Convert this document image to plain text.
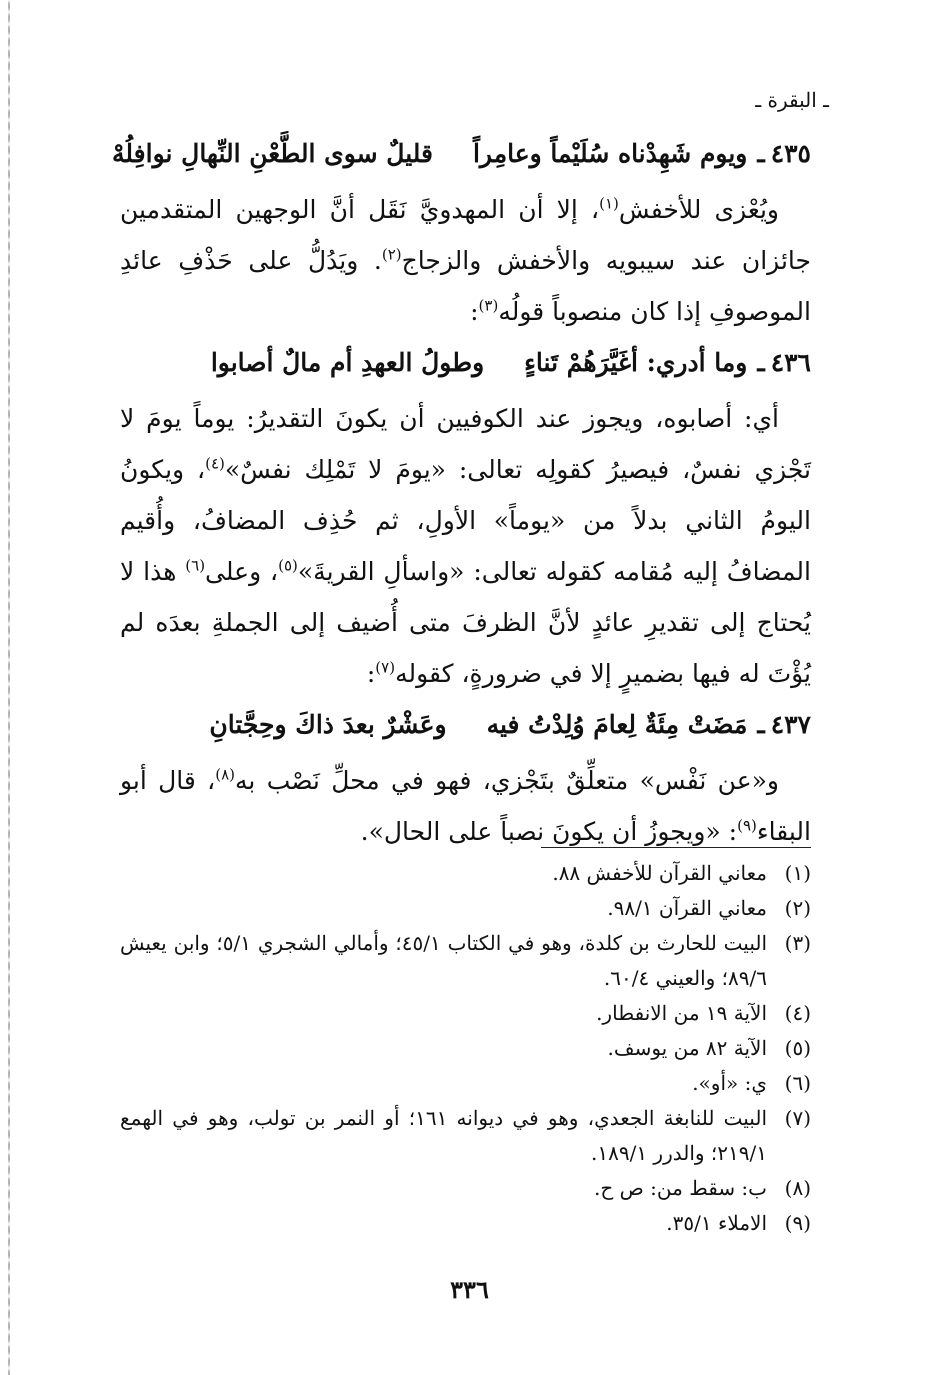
ـ البقرة ـ
٤٣٥
ـ
ويوم شَهِدْناه سُلَيْماً وعامِراً
قليلٌ سوى الطَّعْنِ النِّهالِ نوافِلُهْ

ويُعْزى للأخفش$^{(١)}$، إلا أن المهدويَّ نَقَل أنَّ الوجهين المتقدمين جائزان عند سيبويه والأخفش والزجاج$^{(٢)}$. ويَدُلُّ على حَذْفِ عائدِ الموصوفِ إذا كان منصوباً قولُه$^{(٣)}$:

٤٣٦
ـ
وما أدري: أغَيَّرَهُمْ تَناءٍ
وطولُ العهدِ أم مالٌ أصابوا

أي: أصابوه، ويجوز عند الكوفيين أن يكونَ التقديرُ: يوماً يومَ لا تَجْزي نفسٌ، فيصيرُ كقولِه تعالى: «يومَ لا تَمْلِك نفسٌ»$^{(٤)}$، ويكونُ اليومُ الثاني بدلاً من «يوماً» الأولِ، ثم حُذِف المضافُ، وأُقيم المضافُ إليه مُقامه كقوله تعالى: «واسألِ القريةَ»$^{(٥)}$، وعلى$^{(٦)}$ هذا لا يُحتاج إلى تقديرِ عائدٍ لأنَّ الظرفَ متى أُضيف إلى الجملةِ بعدَه لم يُؤْتَ له فيها بضميرٍ إلا في ضرورةٍ، كقوله$^{(٧)}$:

٤٣٧
ـ
مَضَتْ مِئَةٌ لِعامَ وُلِدْتُ فيه
وعَشْرٌ بعدَ ذاكَ وحِجَّتانِ

و«عن نَفْس» متعلِّقٌ بتَجْزي، فهو في محلِّ نَصْب به$^{(٨)}$، قال أبو البقاء$^{(٩)}$: «ويجوزُ أن يكونَ نصباً على الحال».

(١)
معاني القرآن للأخفش ٨٨.
(٢)
معاني القرآن ٩٨/١.
(٣)
البيت للحارث بن كلدة، وهو في الكتاب ٤٥/١؛ وأمالي الشجري ٥/١؛ وابن يعيش ٨٩/٦؛ والعيني ٦٠/٤.
(٤)
الآية ١٩ من الانفطار.
(٥)
الآية ٨٢ من يوسف.
(٦)
ي: «أو».
(٧)
البيت للنابغة الجعدي، وهو في ديوانه ١٦١؛ أو النمر بن تولب، وهو في الهمع ٢١٩/١؛ والدرر ١٨٩/١.
(٨)
ب: سقط من: ص ح.
(٩)
الاملاء ٣٥/١.
٣٣٦
